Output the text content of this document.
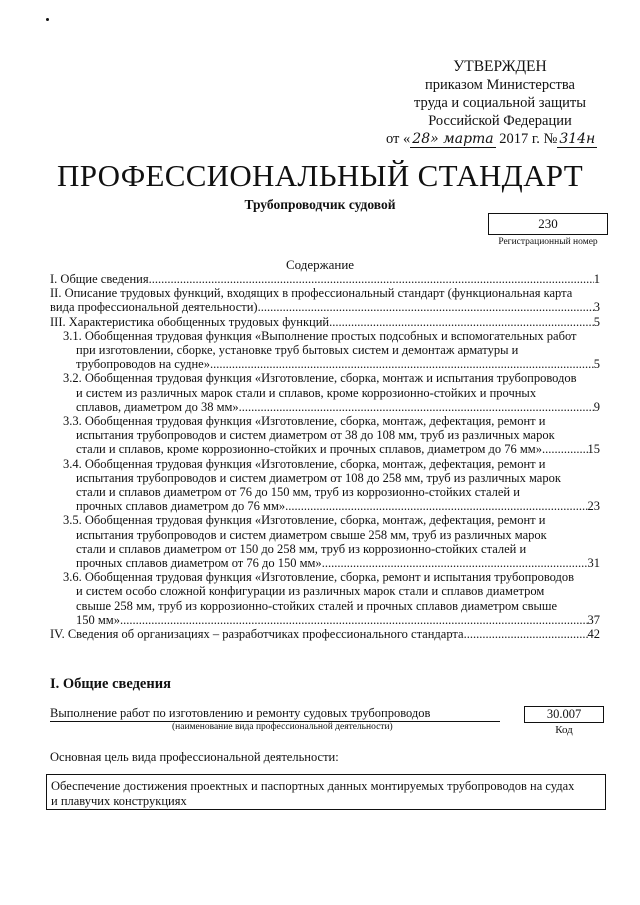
УТВЕРЖДЕН
приказом Министерства
труда и социальной защиты
Российской Федерации
от « 28» марта 2017 г. № 314н
ПРОФЕССИОНАЛЬНЫЙ СТАНДАРТ
Трубопроводчик судовой
230
Регистрационный номер
Содержание
I. Общие сведения .....	1
II. Описание трудовых функций, входящих в профессиональный стандарт (функциональная карта
вида профессиональной деятельности) .....	3
III. Характеристика обобщенных трудовых функций .....	5
3.1. Обобщенная трудовая функция «Выполнение простых подсобных и вспомогательных работ
при изготовлении, сборке, установке труб бытовых систем и демонтаж арматуры и
трубопроводов на судне» .....	5
3.2. Обобщенная трудовая функция «Изготовление, сборка, монтаж и испытания трубопроводов
и систем из различных марок стали и сплавов, кроме коррозионно-стойких и прочных
сплавов, диаметром до 38 мм» .....	9
3.3. Обобщенная трудовая функция «Изготовление, сборка, монтаж, дефектация, ремонт и
испытания трубопроводов и систем диаметром от 38 до 108 мм, труб из различных марок
стали и сплавов, кроме коррозионно-стойких и прочных сплавов, диаметром до 76 мм» .....	15
3.4. Обобщенная трудовая функция «Изготовление, сборка, монтаж, дефектация, ремонт и
испытания трубопроводов и систем диаметром от 108 до 258 мм, труб из различных марок
стали и сплавов диаметром от 76 до 150 мм, труб из коррозионно-стойких сталей и
прочных сплавов диаметром до 76 мм» .....	23
3.5. Обобщенная трудовая функция «Изготовление, сборка, монтаж, дефектация, ремонт и
испытания трубопроводов и систем диаметром свыше 258 мм, труб из различных марок
стали и сплавов диаметром от 150 до 258 мм, труб из коррозионно-стойких сталей и
прочных сплавов диаметром от 76 до 150 мм» .....	31
3.6. Обобщенная трудовая функция «Изготовление, сборка, ремонт и испытания трубопроводов
и систем особо сложной конфигурации из различных марок стали и сплавов диаметром
свыше 258 мм, труб из коррозионно-стойких сталей и прочных сплавов диаметром свыше
150 мм» .....	37
IV. Сведения об организациях – разработчиках профессионального стандарта .....	42
I. Общие сведения
Выполнение работ по изготовлению и ремонту судовых трубопроводов
(наименование вида профессиональной деятельности)
30.007
Код
Основная цель вида профессиональной деятельности:
Обеспечение достижения проектных и паспортных данных монтируемых трубопроводов на судах
и плавучих конструкциях
